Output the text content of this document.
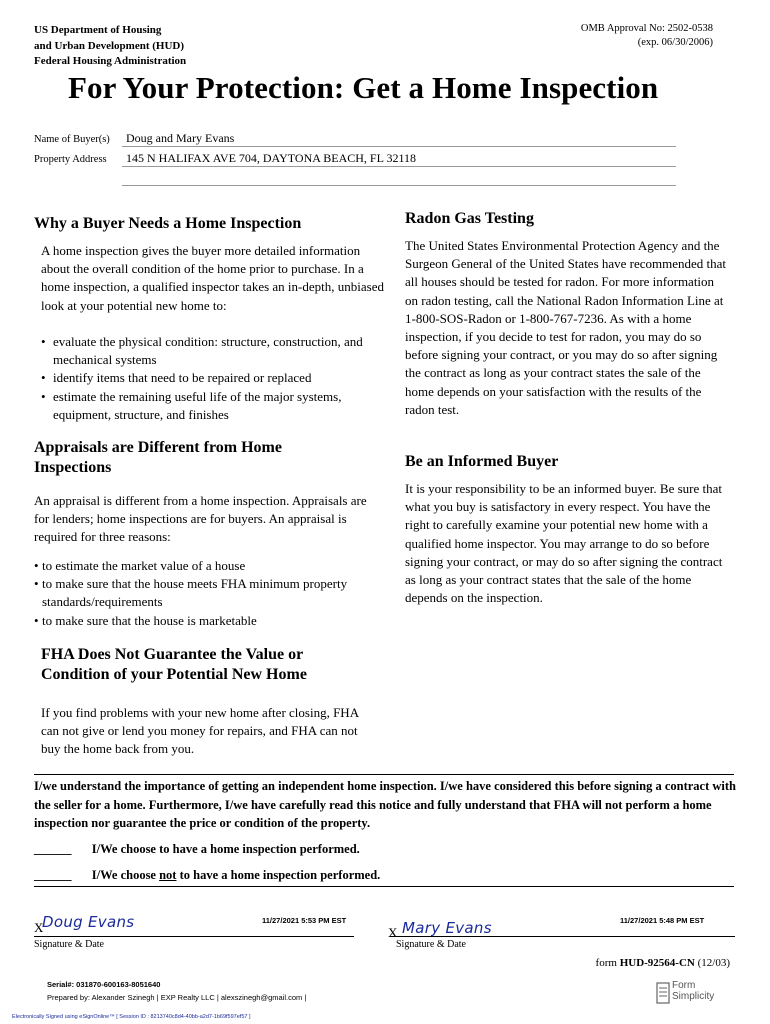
US Department of Housing
and Urban Development (HUD)
Federal Housing Administration
OMB Approval No: 2502-0538
(exp. 06/30/2006)
For Your Protection: Get a Home Inspection
Name of Buyer(s) Doug and Mary Evans
Property Address 145 N HALIFAX AVE 704, DAYTONA BEACH, FL 32118
Why a Buyer Needs a Home Inspection
A home inspection gives the buyer more detailed information about the overall condition of the home prior to purchase. In a home inspection, a qualified inspector takes an in-depth, unbiased look at your potential new home to:
• evaluate the physical condition: structure, construction, and mechanical systems
• identify items that need to be repaired or replaced
• estimate the remaining useful life of the major systems, equipment, structure, and finishes
Appraisals are Different from Home Inspections
An appraisal is different from a home inspection. Appraisals are for lenders; home inspections are for buyers. An appraisal is required for three reasons:
• to estimate the market value of a house
• to make sure that the house meets FHA minimum property standards/requirements
• to make sure that the house is marketable
FHA Does Not Guarantee the Value or Condition of your Potential New Home
If you find problems with your new home after closing, FHA can not give or lend you money for repairs, and FHA can not buy the home back from you.
Radon Gas Testing
The United States Environmental Protection Agency and the Surgeon General of the United States have recommended that all houses should be tested for radon. For more information on radon testing, call the National Radon Information Line at 1-800-SOS-Radon or 1-800-767-7236. As with a home inspection, if you decide to test for radon, you may do so before signing your contract, or you may do so after signing the contract as long as your contract states the sale of the home depends on your satisfaction with the results of the radon test.
Be an Informed Buyer
It is your responsibility to be an informed buyer. Be sure that what you buy is satisfactory in every respect. You have the right to carefully examine your potential new home with a qualified home inspector. You may arrange to do so before signing your contract, or may do so after signing the contract as long as your contract states that the sale of the home depends on the inspection.
I/we understand the importance of getting an independent home inspection. I/we have considered this before signing a contract with the seller for a home. Furthermore, I/we have carefully read this notice and fully understand that FHA will not perform a home inspection nor guarantee the price or condition of the property.
______ I/We choose to have a home inspection performed.
______ I/We choose not to have a home inspection performed.
X
Doug Evans	11/27/2021 5:53 PM EST
Signature & Date
X Mary Evans	11/27/2021 5:48 PM EST
Signature & Date
form HUD-92564-CN (12/03)
Serial#: 031870-600163-8051640
Prepared by: Alexander Szinegh | EXP Realty LLC | alexszinegh@gmail.com |
Electronically Signed using eSignOnline™ [ Session ID : 8213740c8d4-40bb-a2d7-1b69f597ef57 ]
Form
Simplicity
